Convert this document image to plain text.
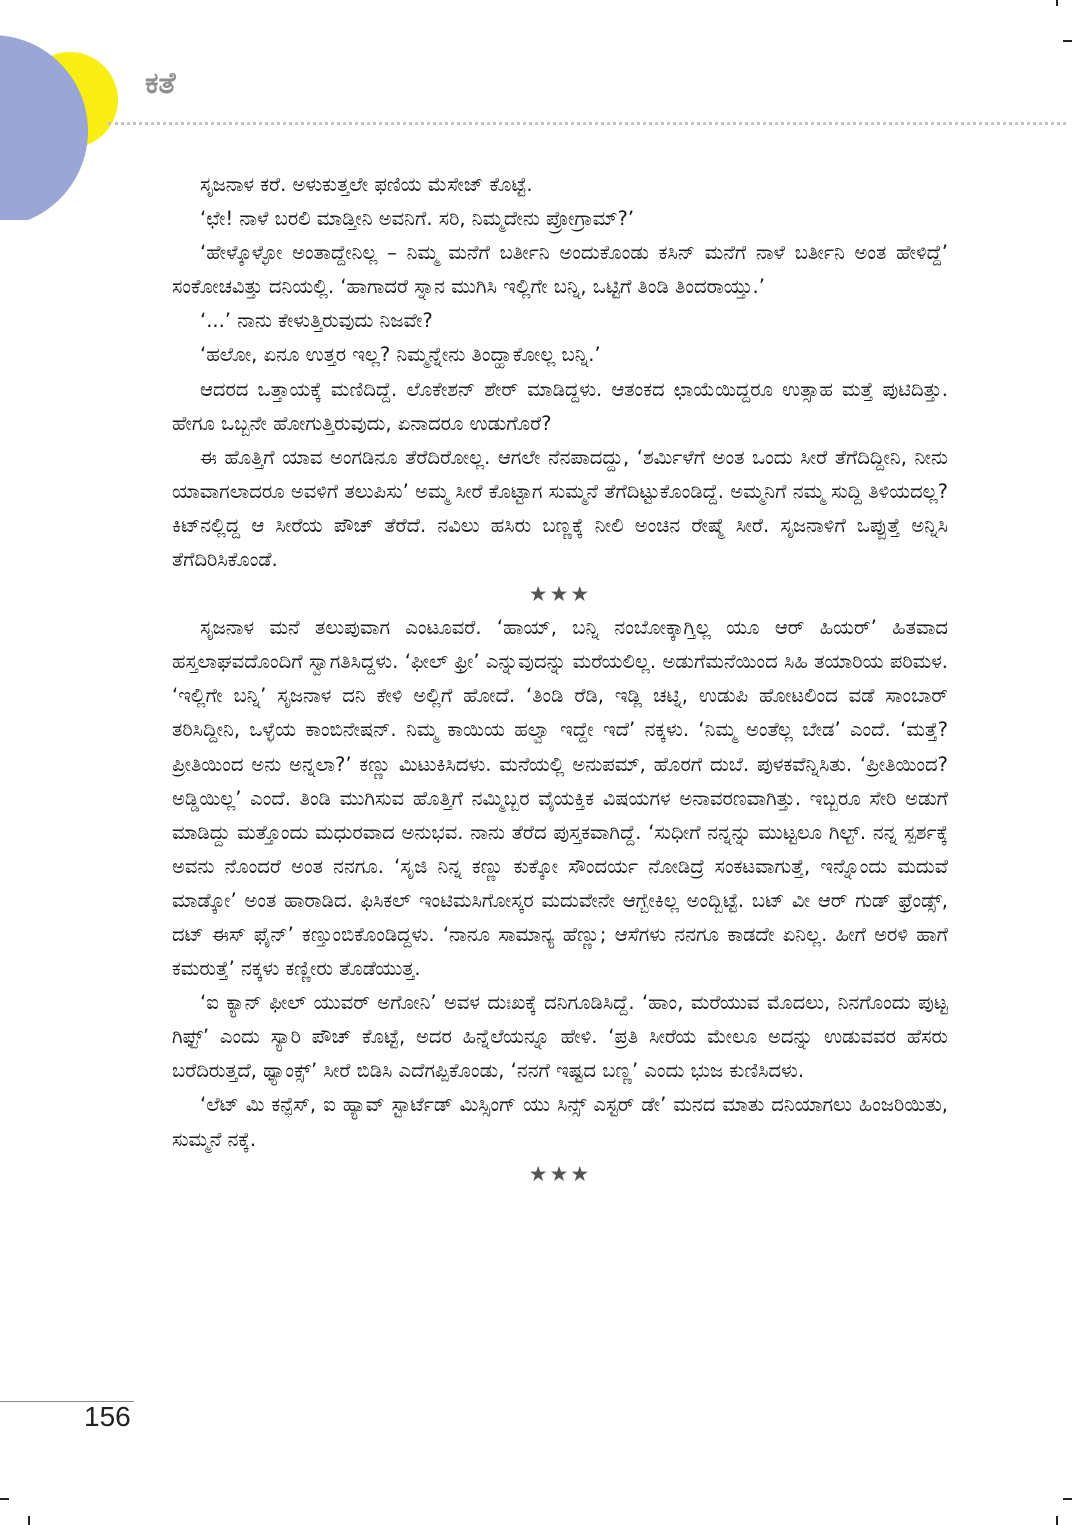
ಕತೆ

ಸೃಜನಾಳ ಕರೆ. ಅಳುಕುತ್ತಲೇ ಫಣಿಯ ಮೆಸೇಜ್ ಕೊಟ್ಟೆ.

‘ಛೇ! ನಾಳೆ ಬರಲಿ ಮಾಡ್ತೀನಿ ಅವನಿಗೆ. ಸರಿ, ನಿಮ್ಮದೇನು ಪ್ರೋಗ್ರಾಮ್?’

‘ಹೇಳ್ಕೊಳ್ಳೋ ಅಂತಾದ್ದೇನಿಲ್ಲ – ನಿಮ್ಮ ಮನೆಗೆ ಬರ್ತೀನಿ ಅಂದುಕೊಂಡು ಕಸಿನ್ ಮನೆಗೆ ನಾಳೆ ಬರ್ತೀನಿ ಅಂತ ಹೇಳಿದ್ದೆ’ ಸಂಕೋಚವಿತ್ತು ದನಿಯಲ್ಲಿ. ‘ಹಾಗಾದರೆ ಸ್ನಾನ ಮುಗಿಸಿ ಇಲ್ಲಿಗೇ ಬನ್ನಿ, ಒಟ್ಟಿಗೆ ತಿಂಡಿ ತಿಂದರಾಯ್ತು.’

‘...’ ನಾನು ಕೇಳುತ್ತಿರುವುದು ನಿಜವೇ?

‘ಹಲೋ, ಏನೂ ಉತ್ತರ ಇಲ್ಲ? ನಿಮ್ಮನ್ನೇನು ತಿಂದ್ಹಾಕೋಲ್ಲ ಬನ್ನಿ.’

ಆದರದ ಒತ್ತಾಯಕ್ಕೆ ಮಣಿದಿದ್ದೆ. ಲೊಕೇಶನ್ ಶೇರ್ ಮಾಡಿದ್ದಳು. ಆತಂಕದ ಛಾಯೆಯಿದ್ದರೂ ಉತ್ಸಾಹ ಮತ್ತೆ ಪುಟಿದಿತ್ತು. ಹೇಗೂ ಒಬ್ಬನೇ ಹೋಗುತ್ತಿರುವುದು, ಏನಾದರೂ ಉಡುಗೊರೆ?

ಈ ಹೊತ್ತಿಗೆ ಯಾವ ಅಂಗಡಿನೂ ತೆರೆದಿರೋಲ್ಲ. ಆಗಲೇ ನೆನಪಾದದ್ದು, ‘ಶರ್ಮಿಳೆಗೆ ಅಂತ ಒಂದು ಸೀರೆ ತೆಗೆದಿದ್ದೀನಿ, ನೀನು ಯಾವಾಗಲಾದರೂ ಅವಳಿಗೆ ತಲುಪಿಸು’ ಅಮ್ಮ ಸೀರೆ ಕೊಟ್ಟಾಗ ಸುಮ್ಮನೆ ತೆಗೆದಿಟ್ಟುಕೊಂಡಿದ್ದೆ. ಅಮ್ಮನಿಗೆ ನಮ್ಮ ಸುದ್ದಿ ತಿಳಿಯದಲ್ಲ? ಕಿಟ್‌ನಲ್ಲಿದ್ದ ಆ ಸೀರೆಯ ಪೌಚ್ ತೆರೆದೆ. ನವಿಲು ಹಸಿರು ಬಣ್ಣಕ್ಕೆ ನೀಲಿ ಅಂಚಿನ ರೇಷ್ಮೆ ಸೀರೆ. ಸೃಜನಾಳಿಗೆ ಒಪ್ಪುತ್ತೆ ಅನ್ನಿಸಿ ತೆಗೆದಿರಿಸಿಕೊಂಡೆ.

★★★

ಸೃಜನಾಳ ಮನೆ ತಲುಪುವಾಗ ಎಂಟೂವರೆ. ‘ಹಾಯ್, ಬನ್ನಿ ನಂಬೋಕ್ಕಾಗ್ತಿಲ್ಲ ಯೂ ಆರ್ ಹಿಯರ್’ ಹಿತವಾದ ಹಸ್ತಲಾಘವದೊಂದಿಗೆ ಸ್ವಾಗತಿಸಿದ್ದಳು. ‘ಫೀಲ್ ಫ್ರೀ’ ಎನ್ನುವುದನ್ನು ಮರೆಯಲಿಲ್ಲ. ಅಡುಗೆಮನೆಯಿಂದ ಸಿಹಿ ತಯಾರಿಯ ಪರಿಮಳ. ‘ಇಲ್ಲಿಗೇ ಬನ್ನಿ’ ಸೃಜನಾಳ ದನಿ ಕೇಳಿ ಅಲ್ಲಿಗೆ ಹೋದೆ. ‘ತಿಂಡಿ ರೆಡಿ, ಇಡ್ಲಿ ಚಟ್ನಿ, ಉಡುಪಿ ಹೋಟಲಿಂದ ವಡೆ ಸಾಂಬಾರ್ ತರಿಸಿದ್ದೀನಿ, ಒಳ್ಳೆಯ ಕಾಂಬಿನೇಷನ್. ನಿಮ್ಮ ಕಾಯಿಯ ಹಲ್ವಾ ಇದ್ದೇ ಇದೆ’ ನಕ್ಕಳು. ‘ನಿಮ್ಮ ಅಂತೆಲ್ಲ ಬೇಡ’ ಎಂದೆ. ‘ಮತ್ತೆ? ಪ್ರೀತಿಯಿಂದ ಅನು ಅನ್ನಲಾ?’ ಕಣ್ಣು ಮಿಟುಕಿಸಿದಳು. ಮನೆಯಲ್ಲಿ ಅನುಪಮ್, ಹೊರಗೆ ದುಬೆ. ಪುಳಕವೆನ್ನಿಸಿತು. ‘ಪ್ರೀತಿಯಿಂದ? ಅಡ್ಡಿಯಿಲ್ಲ’ ಎಂದೆ. ತಿಂಡಿ ಮುಗಿಸುವ ಹೊತ್ತಿಗೆ ನಮ್ಮಿಬ್ಬರ ವೈಯಕ್ತಿಕ ವಿಷಯಗಳ ಅನಾವರಣವಾಗಿತ್ತು. ಇಬ್ಬರೂ ಸೇರಿ ಅಡುಗೆ ಮಾಡಿದ್ದು ಮತ್ತೊಂದು ಮಧುರವಾದ ಅನುಭವ. ನಾನು ತೆರೆದ ಪುಸ್ತಕವಾಗಿದ್ದೆ. ‘ಸುಧೀಗೆ ನನ್ನನ್ನು ಮುಟ್ಟಲೂ ಗಿಲ್ಟ್. ನನ್ನ ಸ್ಪರ್ಶಕ್ಕೆ ಅವನು ನೊಂದರೆ ಅಂತ ನನಗೂ. ‘ಸೃಜಿ ನಿನ್ನ ಕಣ್ಣು ಕುಕ್ಕೋ ಸೌಂದರ್ಯ ನೋಡಿದ್ರೆ ಸಂಕಟವಾಗುತ್ತೆ, ಇನ್ನೊಂದು ಮದುವೆ ಮಾಡ್ಕೋ’ ಅಂತ ಹಾರಾಡಿದ. ಫಿಸಿಕಲ್ ಇಂಟಿಮಸಿಗೋಸ್ಕರ ಮದುವೇನೇ ಆಗ್ಬೇಕಿಲ್ಲ ಅಂದ್ಬಿಟ್ಟೆ. ಬಟ್ ವೀ ಆರ್ ಗುಡ್ ಫ್ರೆಂಡ್ಸ್, ದಟ್ ಈಸ್ ಫೈನ್’ ಕಣ್ತುಂಬಿಕೊಂಡಿದ್ದಳು. ‘ನಾನೂ ಸಾಮಾನ್ಯ ಹೆಣ್ಣು; ಆಸೆಗಳು ನನಗೂ ಕಾಡದೇ ಏನಿಲ್ಲ. ಹೀಗೆ ಅರಳಿ ಹಾಗೆ ಕಮರುತ್ತೆ’ ನಕ್ಕಳು ಕಣ್ಣೀರು ತೊಡೆಯುತ್ತ.

‘ಐ ಕ್ಯಾನ್ ಫೀಲ್ ಯುವರ್ ಅಗೋನಿ’ ಅವಳ ದುಃಖಕ್ಕೆ ದನಿಗೂಡಿಸಿದ್ದೆ. ‘ಹಾಂ, ಮರೆಯುವ ಮೊದಲು, ನಿನಗೊಂದು ಪುಟ್ಟ ಗಿಫ್ಟ್’ ಎಂದು ಸ್ಯಾರಿ ಪೌಚ್ ಕೊಟ್ಟೆ, ಅದರ ಹಿನ್ನೆಲೆಯನ್ನೂ ಹೇಳಿ. ‘ಪ್ರತಿ ಸೀರೆಯ ಮೇಲೂ ಅದನ್ನು ಉಡುವವರ ಹೆಸರು ಬರೆದಿರುತ್ತದೆ, ಥ್ಯಾಂಕ್ಸ್’ ಸೀರೆ ಬಿಡಿಸಿ ಎದೆಗಪ್ಪಿಕೊಂಡು, ‘ನನಗೆ ಇಷ್ಟದ ಬಣ್ಣ’ ಎಂದು ಭುಜ ಕುಣಿಸಿದಳು.

‘ಲೆಟ್ ಮಿ ಕನ್ಫೆಸ್, ಐ ಹ್ಯಾವ್ ಸ್ಟಾರ್ಟೆಡ್ ಮಿಸ್ಸಿಂಗ್ ಯು ಸಿನ್ಸ್ ಎಸ್ಟರ್ ಡೇ’ ಮನದ ಮಾತು ದನಿಯಾಗಲು ಹಿಂಜರಿಯಿತು, ಸುಮ್ಮನೆ ನಕ್ಕೆ.

★★★

156
